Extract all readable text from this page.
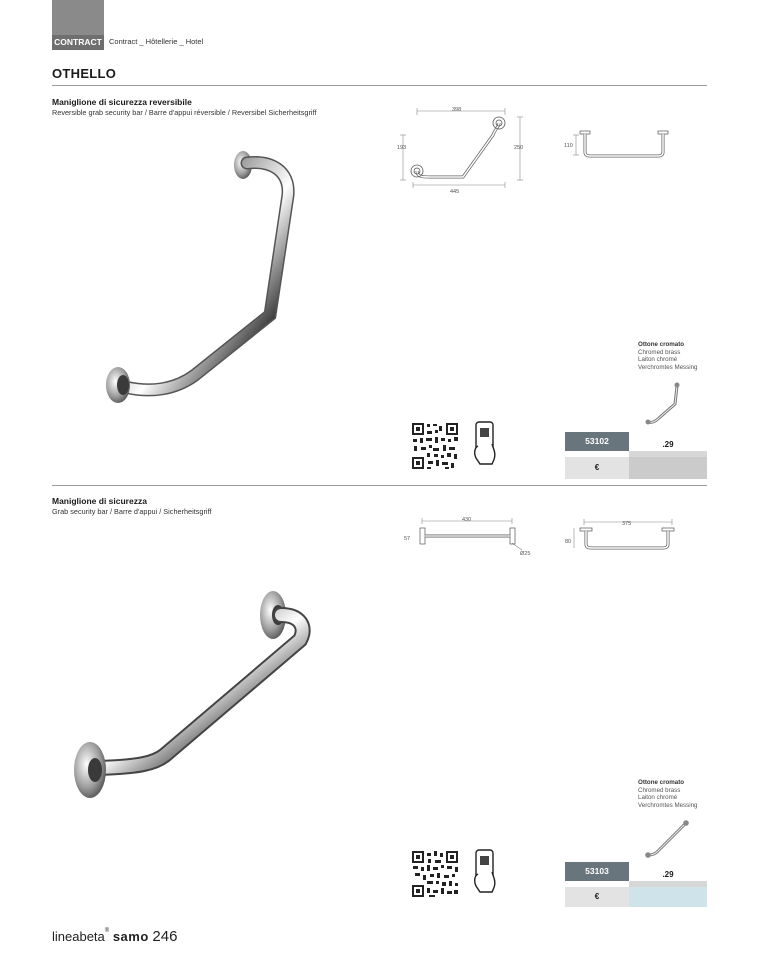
CONTRACT Contract _ Hôtellerie _ Hotel
OTHELLO
Maniglione di sicurezza reversibile
Reversible grab security bar / Barre d'appui réversible / Reversibel Sicherheitsgriff	398
193	250
445
110
Ottone cromato
Chromed brass
Laiton chromé
Verchromtes Messing
53102	.29
€
Maniglione di sicurezza
Grab security bar / Barre d'appui / Sicherheitsgriff
430
57
Ø25
375
80
Ottone cromato
Chromed brass
Laiton chromé
Verchromtes Messing
53103	.29
€
lineabeta® samo 246
